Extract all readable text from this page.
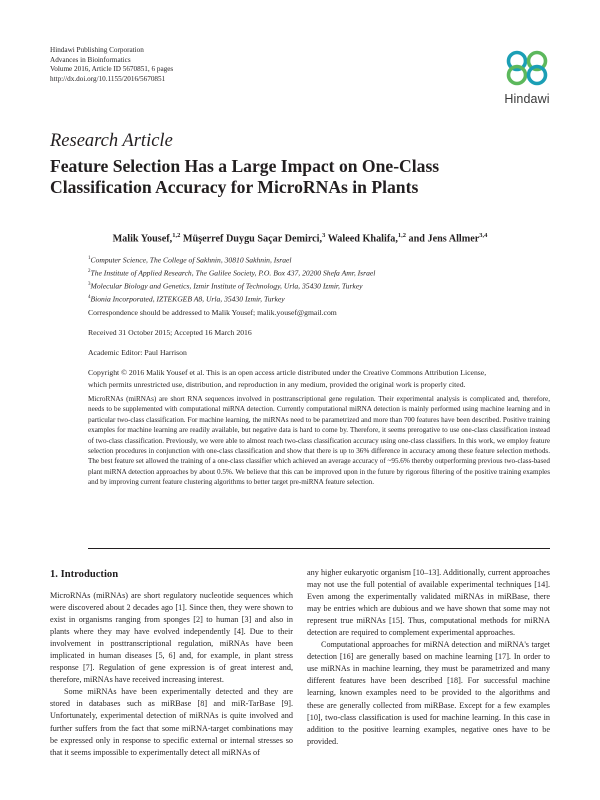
Hindawi Publishing Corporation
Advances in Bioinformatics
Volume 2016, Article ID 5670851, 6 pages
http://dx.doi.org/10.1155/2016/5670851
Hindawi
Research Article
Feature Selection Has a Large Impact on One-Class
Classification Accuracy for MicroRNAs in Plants
Malik Yousef,$^{1,2}$ Müşerref Duygu Saçar Demirci,$^3$ Waleed Khalifa,$^{1,2}$ and Jens Allmer$^{3,4}$
$^1$Computer Science, The College of Sakhnin, 30810 Sakhnin, Israel
$^2$The Institute of Applied Research, The Galilee Society, P.O. Box 437, 20200 Shefa Amr, Israel
$^3$Molecular Biology and Genetics, Izmir Institute of Technology, Urla, 35430 Izmir, Turkey
$^4$Bionia Incorporated, IZTEKGEB A8, Urla, 35430 Izmir, Turkey
Correspondence should be addressed to Malik Yousef; malik.yousef@gmail.com
Received 31 October 2015; Accepted 16 March 2016
Academic Editor: Paul Harrison
Copyright © 2016 Malik Yousef et al. This is an open access article distributed under the Creative Commons Attribution License,
which permits unrestricted use, distribution, and reproduction in any medium, provided the original work is properly cited.
MicroRNAs (miRNAs) are short RNA sequences involved in posttranscriptional gene regulation. Their experimental analysis is complicated and, therefore, needs to be supplemented with computational miRNA detection. Currently computational miRNA detection is mainly performed using machine learning and in particular two-class classification. For machine learning, the miRNAs need to be parametrized and more than 700 features have been described. Positive training examples for machine learning are readily available, but negative data is hard to come by. Therefore, it seems prerogative to use one-class classification instead of two-class classification. Previously, we were able to almost reach two-class classification accuracy using one-class classifiers. In this work, we employ feature selection procedures in conjunction with one-class classification and show that there is up to 36% difference in accuracy among these feature selection methods. The best feature set allowed the training of a one-class classifier which achieved an average accuracy of ~95.6% thereby outperforming previous two-class-based plant miRNA detection approaches by about 0.5%. We believe that this can be improved upon in the future by rigorous filtering of the positive training examples and by improving current feature clustering algorithms to better target pre-miRNA feature selection.
1. Introduction

MicroRNAs (miRNAs) are short regulatory nucleotide sequences which were discovered about 2 decades ago [1]. Since then, they were shown to exist in organisms ranging from sponges [2] to human [3] and also in plants where they may have evolved independently [4]. Due to their involvement in posttranscriptional regulation, miRNAs have been implicated in human diseases [5, 6] and, for example, in plant stress response [7]. Regulation of gene expression is of great interest and, therefore, miRNAs have received increasing interest.

Some miRNAs have been experimentally detected and they are stored in databases such as miRBase [8] and miR-TarBase [9]. Unfortunately, experimental detection of miRNAs is quite involved and further suffers from the fact that some miRNA-target combinations may be expressed only in response to specific external or internal stresses so that it seems impossible to experimentally detect all miRNAs of

any higher eukaryotic organism [10–13]. Additionally, current approaches may not use the full potential of available experimental techniques [14]. Even among the experimentally validated miRNAs in miRBase, there may be entries which are dubious and we have shown that some may not represent true miRNAs [15]. Thus, computational methods for miRNA detection are required to complement experimental approaches.

Computational approaches for miRNA detection and miRNA's target detection [16] are generally based on machine learning [17]. In order to use miRNAs in machine learning, they must be parametrized and many different features have been described [18]. For successful machine learning, known examples need to be provided to the algorithms and these are generally collected from miRBase. Except for a few examples [10], two-class classification is used for machine learning. In this case in addition to the positive learning examples, negative ones have to be provided.
